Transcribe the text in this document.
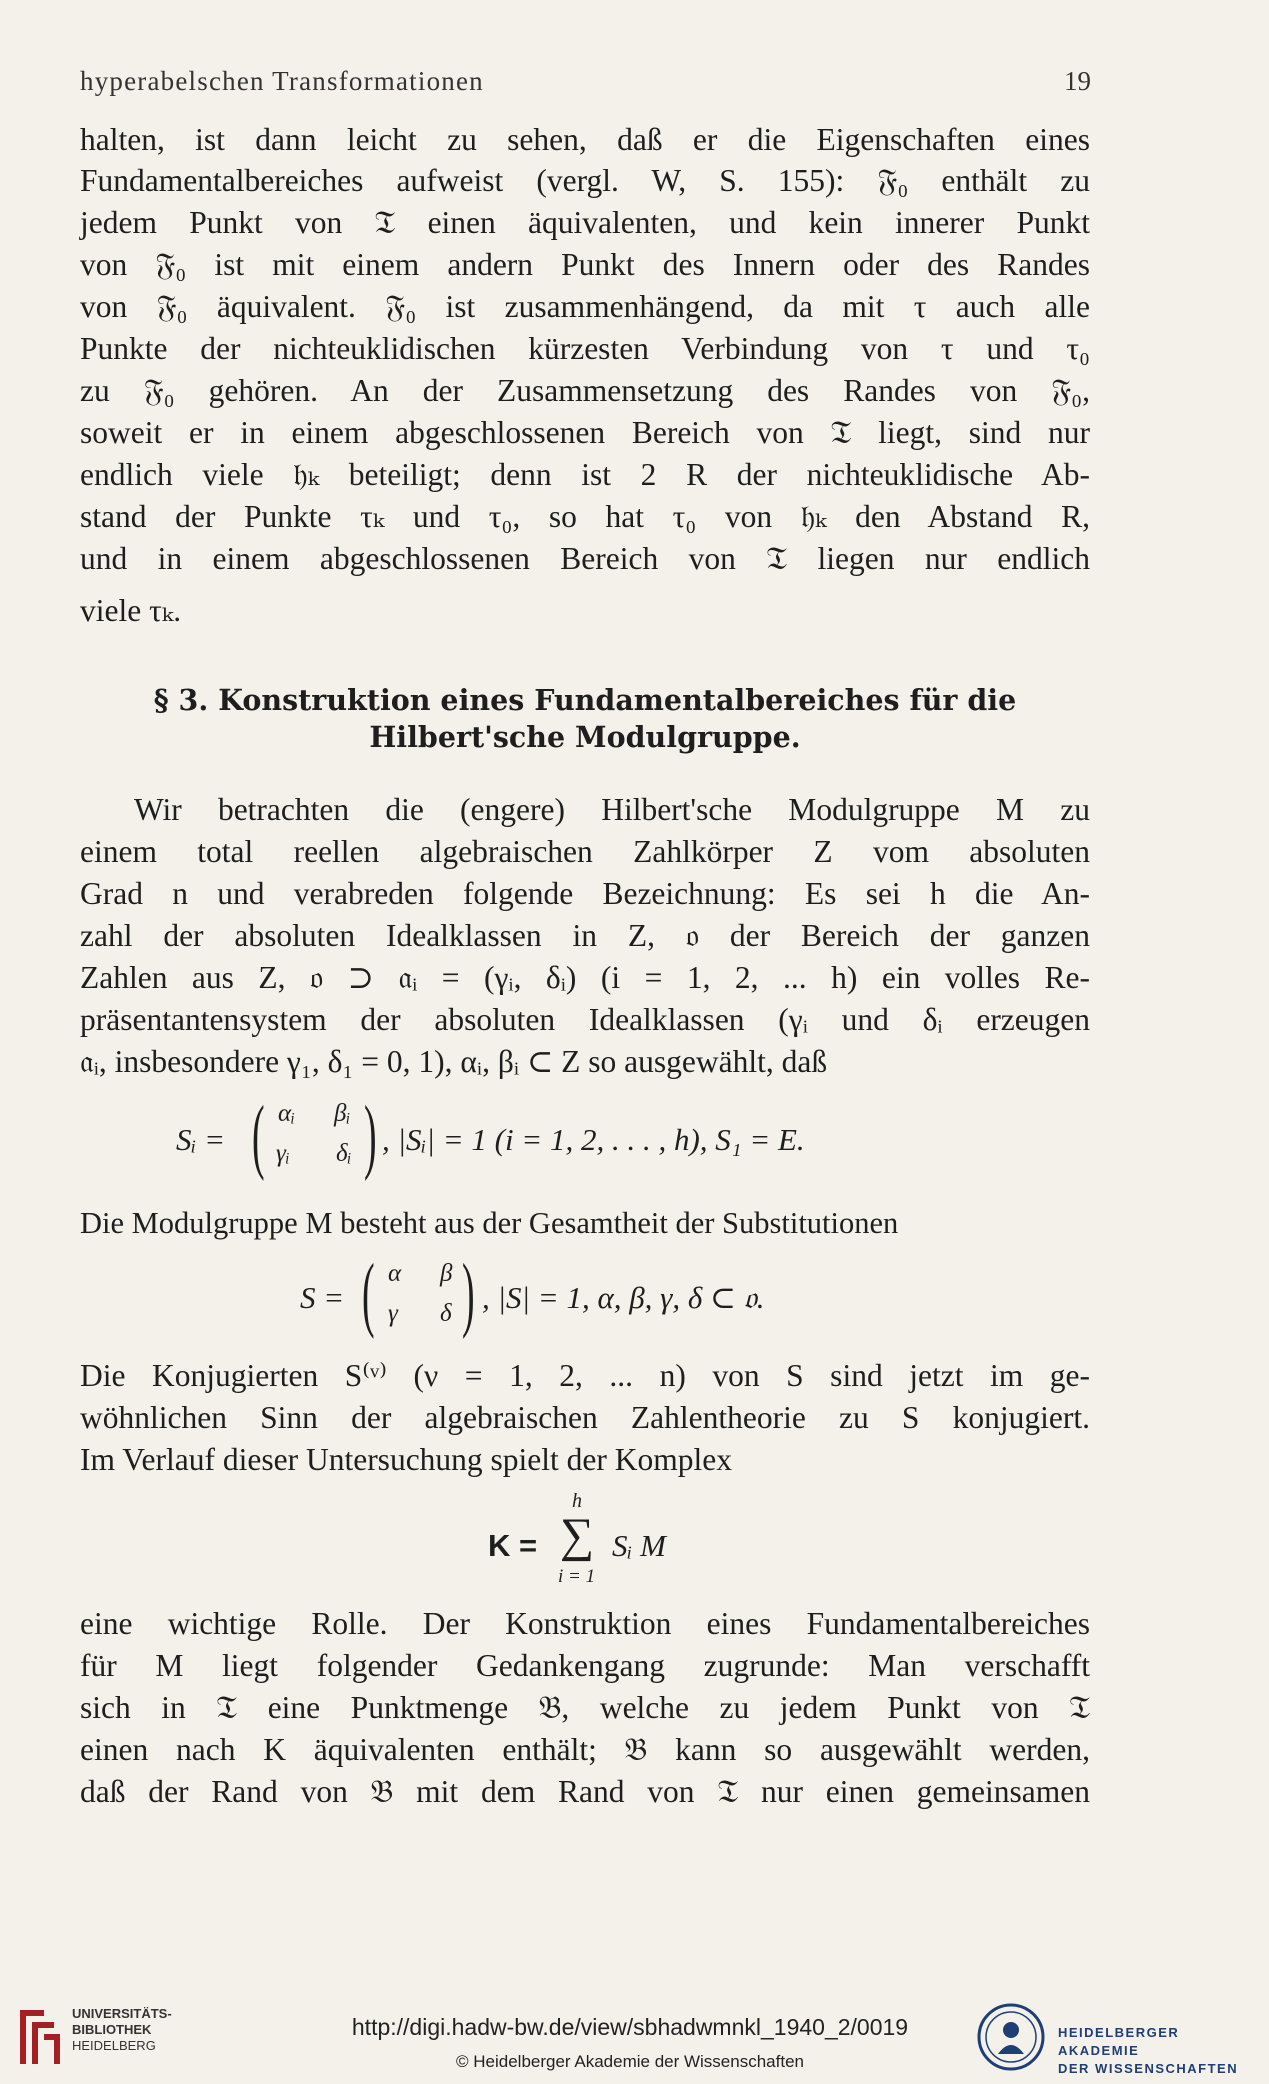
hyperabelschen Transformationen	19
halten, ist dann leicht zu sehen, daß er die Eigenschaften eines
Fundamentalbereiches aufweist (vergl. W, S. 155): 𝔉₀ enthält zu
jedem Punkt von 𝔗 einen äquivalenten, und kein innerer Punkt
von 𝔉₀ ist mit einem andern Punkt des Innern oder des Randes
von 𝔉₀ äquivalent. 𝔉₀ ist zusammenhängend, da mit τ auch alle
Punkte der nichteuklidischen kürzesten Verbindung von τ und τ₀
zu 𝔉₀ gehören. An der Zusammensetzung des Randes von 𝔉₀,
soweit er in einem abgeschlossenen Bereich von 𝔗 liegt, sind nur
endlich viele 𝔥ₖ beteiligt; denn ist 2 R der nichteuklidische Ab-
stand der Punkte τₖ und τ₀, so hat τ₀ von 𝔥ₖ den Abstand R,
und in einem abgeschlossenen Bereich von 𝔗 liegen nur endlich
viele τₖ.
§ 3. Konstruktion eines Fundamentalbereiches für die
Hilbert'sche Modulgruppe.
Wir betrachten die (engere) Hilbert'sche Modulgruppe M zu
einem total reellen algebraischen Zahlkörper Z vom absoluten
Grad n und verabreden folgende Bezeichnung: Es sei h die An-
zahl der absoluten Idealklassen in Z, 𝔬 der Bereich der ganzen
Zahlen aus Z, 𝔬 ⊃ 𝔞ᵢ = (γᵢ, δᵢ) (i = 1, 2, ... h) ein volles Re-
präsentantensystem der absoluten Idealklassen (γᵢ und δᵢ erzeugen
𝔞ᵢ, insbesondere γ₁, δ₁ = 0, 1), αᵢ, βᵢ ⊂ Z so ausgewählt, daß
Sᵢ = ( αᵢ βᵢ
γᵢ δᵢ ) , |Sᵢ| = 1 (i = 1, 2, . . . , h), S₁ = E.
Die Modulgruppe M besteht aus der Gesamtheit der Substitutionen
S = ( α β
γ δ ) , |S| = 1, α, β, γ, δ ⊂ 𝔬.
Die Konjugierten S⁽ᵛ⁾ (ν = 1, 2, ... n) von S sind jetzt im ge-
wöhnlichen Sinn der algebraischen Zahlentheorie zu S konjugiert.
Im Verlauf dieser Untersuchung spielt der Komplex
K =
h
∑
i = 1
Sᵢ M
eine wichtige Rolle. Der Konstruktion eines Fundamentalbereiches
für M liegt folgender Gedankengang zugrunde: Man verschafft
sich in 𝔗 eine Punktmenge 𝔅, welche zu jedem Punkt von 𝔗
einen nach K äquivalenten enthält; 𝔅 kann so ausgewählt werden,
daß der Rand von 𝔅 mit dem Rand von 𝔗 nur einen gemeinsamen
UNIVERSITÄTS-
BIBLIOTHEK
HEIDELBERG
http://digi.hadw-bw.de/view/sbhadwmnkl_1940_2/0019
© Heidelberger Akademie der Wissenschaften
HEIDELBERGER AKADEMIE
DER WISSENSCHAFTEN
